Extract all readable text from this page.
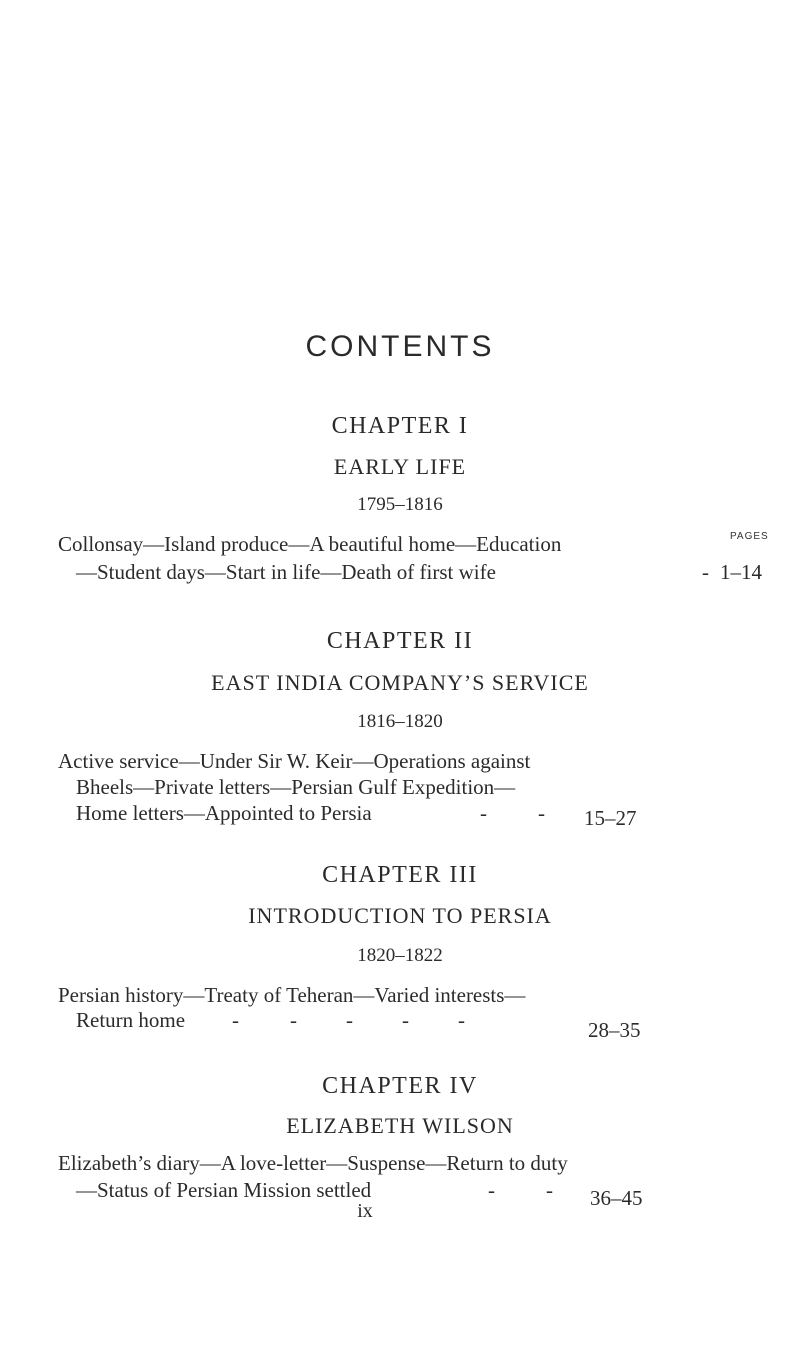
CONTENTS
CHAPTER I
EARLY LIFE
1795–1816
Collonsay—Island produce—A beautiful home—Education
—Student days—Start in life—Death of first wife
PAGES
- 1–14
CHAPTER II
EAST INDIA COMPANY’S SERVICE
1816–1820
Active service—Under Sir W. Keir—Operations against
Bheels—Private letters—Persian Gulf Expedition—
Home letters—Appointed to Persia	- - 15–27
CHAPTER III
INTRODUCTION TO PERSIA
1820–1822
Persian history—Treaty of Teheran—Varied interests—
Return home - - - - -	28–35
CHAPTER IV
ELIZABETH WILSON
Elizabeth’s diary—A love-letter—Suspense—Return to duty
—Status of Persian Mission settled	- - 36–45
ix
